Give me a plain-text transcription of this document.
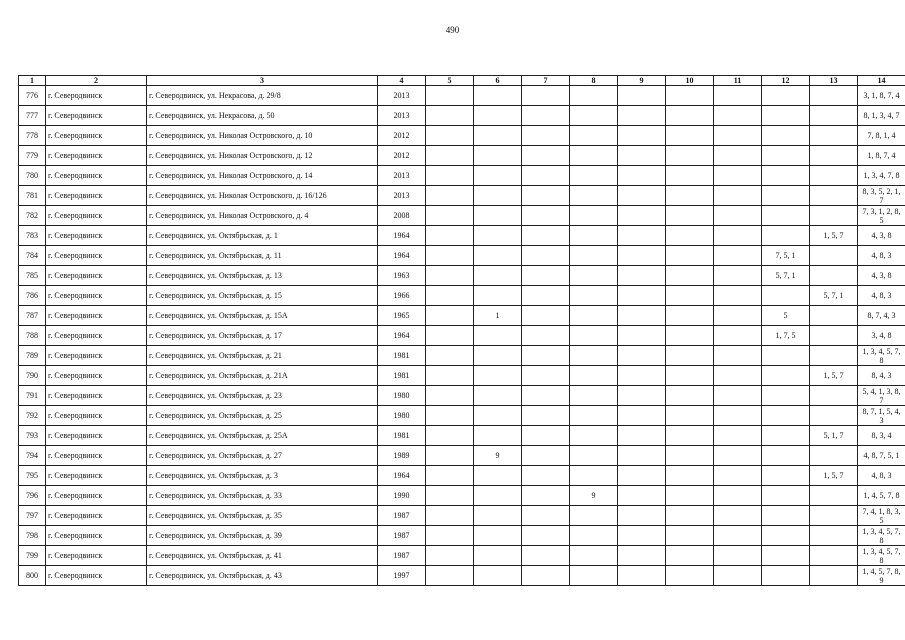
490
1	2	3	4	5	6	7	8	9	10	11	12	13	14
776	г. Северодвинск	г. Северодвинск, ул. Некрасова, д. 29/8	2013										3, 1, 8, 7, 4
777	г. Северодвинск	г. Северодвинск, ул. Некрасова, д. 50	2013										8, 1, 3, 4, 7
778	г. Северодвинск	г. Северодвинск, ул. Николая Островского, д. 10	2012										7, 8, 1, 4
779	г. Северодвинск	г. Северодвинск, ул. Николая Островского, д. 12	2012										1, 8, 7, 4
780	г. Северодвинск	г. Северодвинск, ул. Николая Островского, д. 14	2013										1, 3, 4, 7, 8
781	г. Северодвинск	г. Северодвинск, ул. Николая Островского, д. 16/126	2013										8, 3, 5, 2, 1, 7
782	г. Северодвинск	г. Северодвинск, ул. Николая Островского, д. 4	2008										7, 3, 1, 2, 8, 5
783	г. Северодвинск	г. Северодвинск, ул. Октябрьская, д. 1	1964									1, 5, 7	4, 3, 8
784	г. Северодвинск	г. Северодвинск, ул. Октябрьская, д. 11	1964								7, 5, 1		4, 8, 3
785	г. Северодвинск	г. Северодвинск, ул. Октябрьская, д. 13	1963								5, 7, 1		4, 3, 8
786	г. Северодвинск	г. Северодвинск, ул. Октябрьская, д. 15	1966									5, 7, 1	4, 8, 3
787	г. Северодвинск	г. Северодвинск, ул. Октябрьская, д. 15А	1965		1						5		8, 7, 4, 3
788	г. Северодвинск	г. Северодвинск, ул. Октябрьская, д. 17	1964								1, 7, 5		3, 4, 8
789	г. Северодвинск	г. Северодвинск, ул. Октябрьская, д. 21	1981										1, 3, 4, 5, 7, 8
790	г. Северодвинск	г. Северодвинск, ул. Октябрьская, д. 21А	1981									1, 5, 7	8, 4, 3
791	г. Северодвинск	г. Северодвинск, ул. Октябрьская, д. 23	1980										5, 4, 1, 3, 8, 7
792	г. Северодвинск	г. Северодвинск, ул. Октябрьская, д. 25	1980										8, 7, 1, 5, 4, 3
793	г. Северодвинск	г. Северодвинск, ул. Октябрьская, д. 25А	1981									5, 1, 7	8, 3, 4
794	г. Северодвинск	г. Северодвинск, ул. Октябрьская, д. 27	1989		9								4, 8, 7, 5, 1
795	г. Северодвинск	г. Северодвинск, ул. Октябрьская, д. 3	1964									1, 5, 7	4, 8, 3
796	г. Северодвинск	г. Северодвинск, ул. Октябрьская, д. 33	1990				9						1, 4, 5, 7, 8
797	г. Северодвинск	г. Северодвинск, ул. Октябрьская, д. 35	1987										7, 4, 1, 8, 3, 5
798	г. Северодвинск	г. Северодвинск, ул. Октябрьская, д. 39	1987										1, 3, 4, 5, 7, 8
799	г. Северодвинск	г. Северодвинск, ул. Октябрьская, д. 41	1987										1, 3, 4, 5, 7, 8
800	г. Северодвинск	г. Северодвинск, ул. Октябрьская, д. 43	1997										1, 4, 5, 7, 8, 9
